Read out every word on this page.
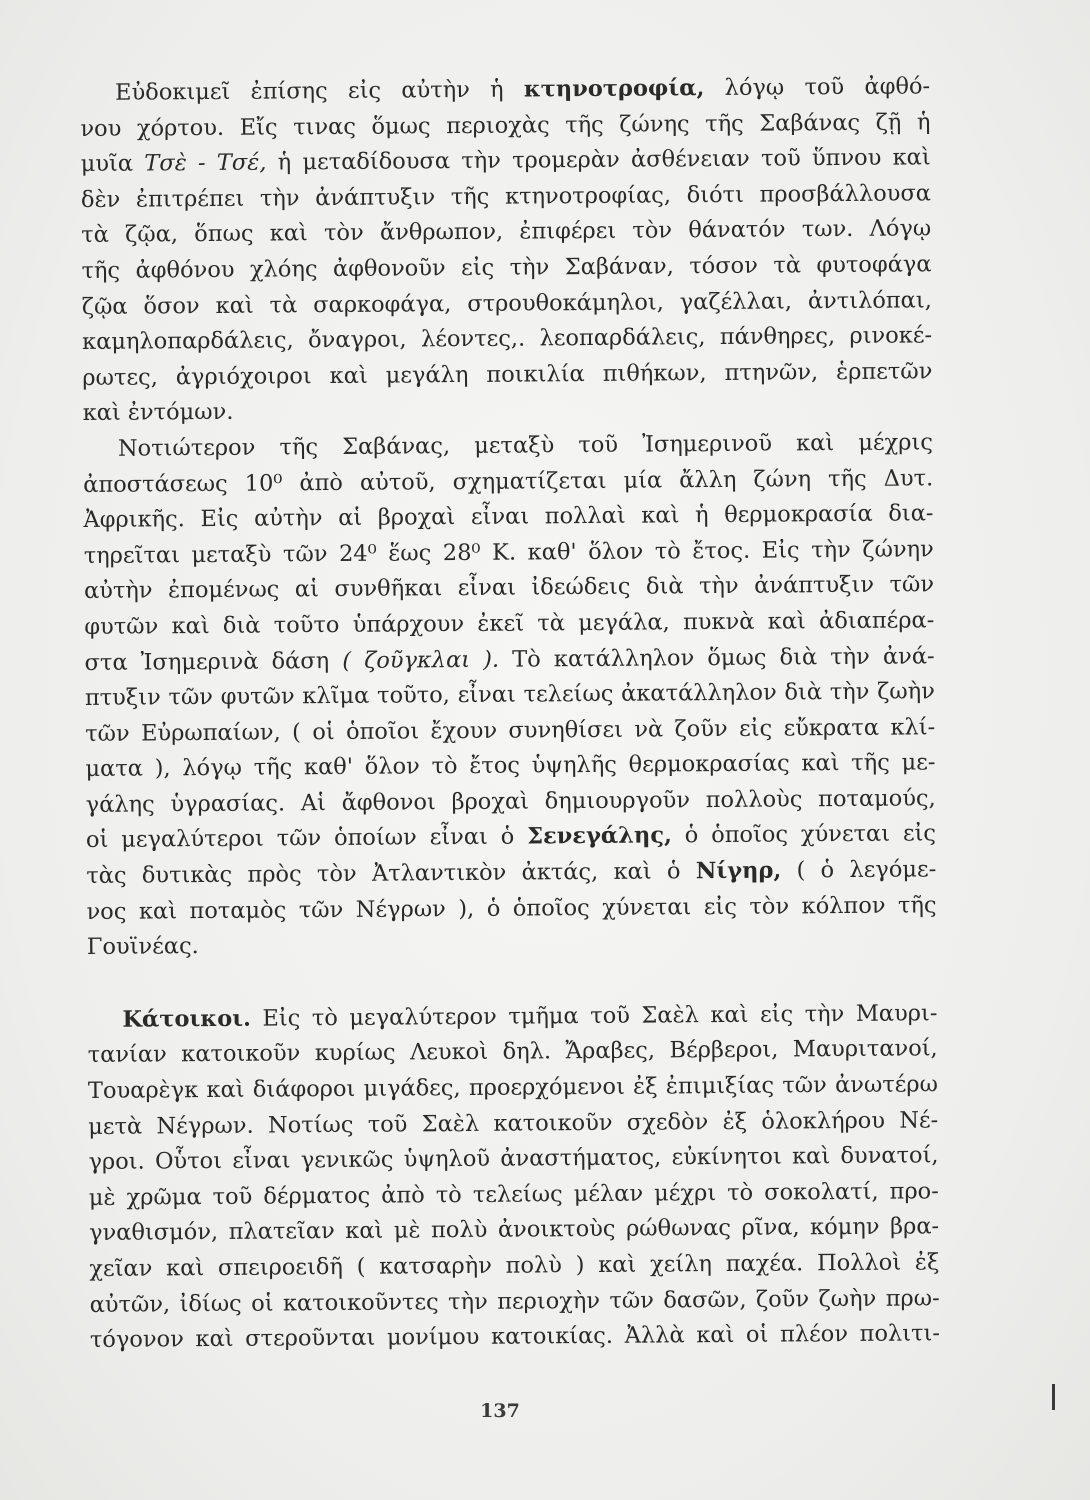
Εὐδοκιμεῖ ἐπίσης εἰς αὐτὴν ἡ κτηνοτροφία, λόγῳ τοῦ ἀφθό-
νου χόρτου. Εἴς τινας ὅμως περιοχὰς τῆς ζώνης τῆς Σαβάνας ζῇ ἡ
μυῖα Τσὲ - Τσέ, ἡ μεταδίδουσα τὴν τρομερὰν ἀσθένειαν τοῦ ὕπνου καὶ
δὲν ἐπιτρέπει τὴν ἀνάπτυξιν τῆς κτηνοτροφίας, διότι προσβάλλουσα
τὰ ζῷα, ὅπως καὶ τὸν ἄνθρωπον, ἐπιφέρει τὸν θάνατόν των. Λόγῳ
τῆς ἀφθόνου χλόης ἀφθονοῦν εἰς τὴν Σαβάναν, τόσον τὰ φυτοφάγα
ζῷα ὅσον καὶ τὰ σαρκοφάγα, στρουθοκάμηλοι, γαζέλλαι, ἀντιλόπαι,
καμηλοπαρδάλεις, ὄναγροι, λέοντες,. λεοπαρδάλεις, πάνθηρες, ρινοκέ-
ρωτες, ἀγριόχοιροι καὶ μεγάλη ποικιλία πιθήκων, πτηνῶν, ἑρπετῶν
καὶ ἐντόμων.
Νοτιώτερον τῆς Σαβάνας, μεταξὺ τοῦ Ἰσημερινοῦ καὶ μέχρις
ἀποστάσεως 10⁰ ἀπὸ αὐτοῦ, σχηματίζεται μία ἄλλη ζώνη τῆς Δυτ.
Ἀφρικῆς. Εἰς αὐτὴν αἱ βροχαὶ εἶναι πολλαὶ καὶ ἡ θερμοκρασία δια-
τηρεῖται μεταξὺ τῶν 24⁰ ἕως 28⁰ Κ. καθ' ὅλον τὸ ἔτος. Εἰς τὴν ζώνην
αὐτὴν ἐπομένως αἱ συνθῆκαι εἶναι ἰδεώδεις διὰ τὴν ἀνάπτυξιν τῶν
φυτῶν καὶ διὰ τοῦτο ὑπάρχουν ἐκεῖ τὰ μεγάλα, πυκνὰ καὶ ἀδιαπέρα-
στα Ἰσημερινὰ δάση ( ζοῦγκλαι ). Τὸ κατάλληλον ὅμως διὰ τὴν ἀνά-
πτυξιν τῶν φυτῶν κλῖμα τοῦτο, εἶναι τελείως ἀκατάλληλον διὰ τὴν ζωὴν
τῶν Εὐρωπαίων, ( οἱ ὁποῖοι ἔχουν συνηθίσει νὰ ζοῦν εἰς εὔκρατα κλί-
ματα ), λόγῳ τῆς καθ' ὅλον τὸ ἔτος ὑψηλῆς θερμοκρασίας καὶ τῆς με-
γάλης ὑγρασίας. Αἱ ἄφθονοι βροχαὶ δημιουργοῦν πολλοὺς ποταμούς,
οἱ μεγαλύτεροι τῶν ὁποίων εἶναι ὁ Σενεγάλης, ὁ ὁποῖος χύνεται εἰς
τὰς δυτικὰς πρὸς τὸν Ἀτλαντικὸν ἀκτάς, καὶ ὁ Νίγηρ, ( ὁ λεγόμε-
νος καὶ ποταμὸς τῶν Νέγρων ), ὁ ὁποῖος χύνεται εἰς τὸν κόλπον τῆς
Γουϊνέας.
Κάτοικοι. Εἰς τὸ μεγαλύτερον τμῆμα τοῦ Σαὲλ καὶ εἰς τὴν Μαυρι-
τανίαν κατοικοῦν κυρίως Λευκοὶ δηλ. Ἄραβες, Βέρβεροι, Μαυριτανοί,
Τουαρὲγκ καὶ διάφοροι μιγάδες, προερχόμενοι ἐξ ἐπιμιξίας τῶν ἀνωτέρω
μετὰ Νέγρων. Νοτίως τοῦ Σαὲλ κατοικοῦν σχεδὸν ἐξ ὁλοκλήρου Νέ-
γροι. Οὗτοι εἶναι γενικῶς ὑψηλοῦ ἀναστήματος, εὐκίνητοι καὶ δυνατοί,
μὲ χρῶμα τοῦ δέρματος ἀπὸ τὸ τελείως μέλαν μέχρι τὸ σοκολατί, προ-
γναθισμόν, πλατεῖαν καὶ μὲ πολὺ ἀνοικτοὺς ρώθωνας ρῖνα, κόμην βρα-
χεῖαν καὶ σπειροειδῆ ( κατσαρὴν πολὺ ) καὶ χείλη παχέα. Πολλοὶ ἐξ
αὐτῶν, ἰδίως οἱ κατοικοῦντες τὴν περιοχὴν τῶν δασῶν, ζοῦν ζωὴν πρω-
τόγονον καὶ στεροῦνται μονίμου κατοικίας. Ἀλλὰ καὶ οἱ πλέον πολιτι-
137
